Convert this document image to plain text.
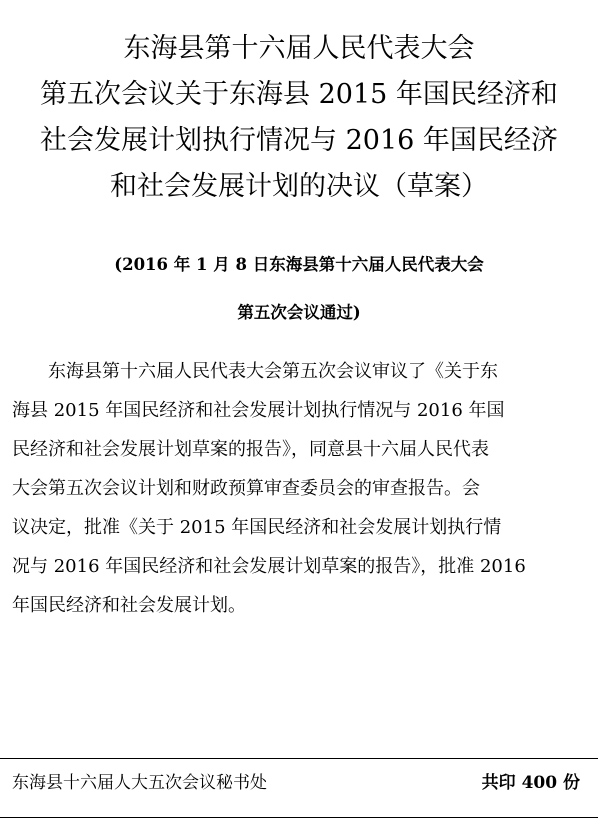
东海县第十六届人民代表大会
第五次会议关于东海县 2015 年国民经济和
社会发展计划执行情况与 2016 年国民经济
和社会发展计划的决议（草案）
(2016 年 1 月 8 日东海县第十六届人民代表大会
第五次会议通过)
东海县第十六届人民代表大会第五次会议审议了《关于东
海县 2015 年国民经济和社会发展计划执行情况与 2016 年国
民经济和社会发展计划草案的报告》，同意县十六届人民代表
大会第五次会议计划和财政预算审查委员会的审查报告。会
议决定，批准《关于 2015 年国民经济和社会发展计划执行情
况与 2016 年国民经济和社会发展计划草案的报告》，批准 2016
年国民经济和社会发展计划。
东海县十六届人大五次会议秘书处	共印 400 份
